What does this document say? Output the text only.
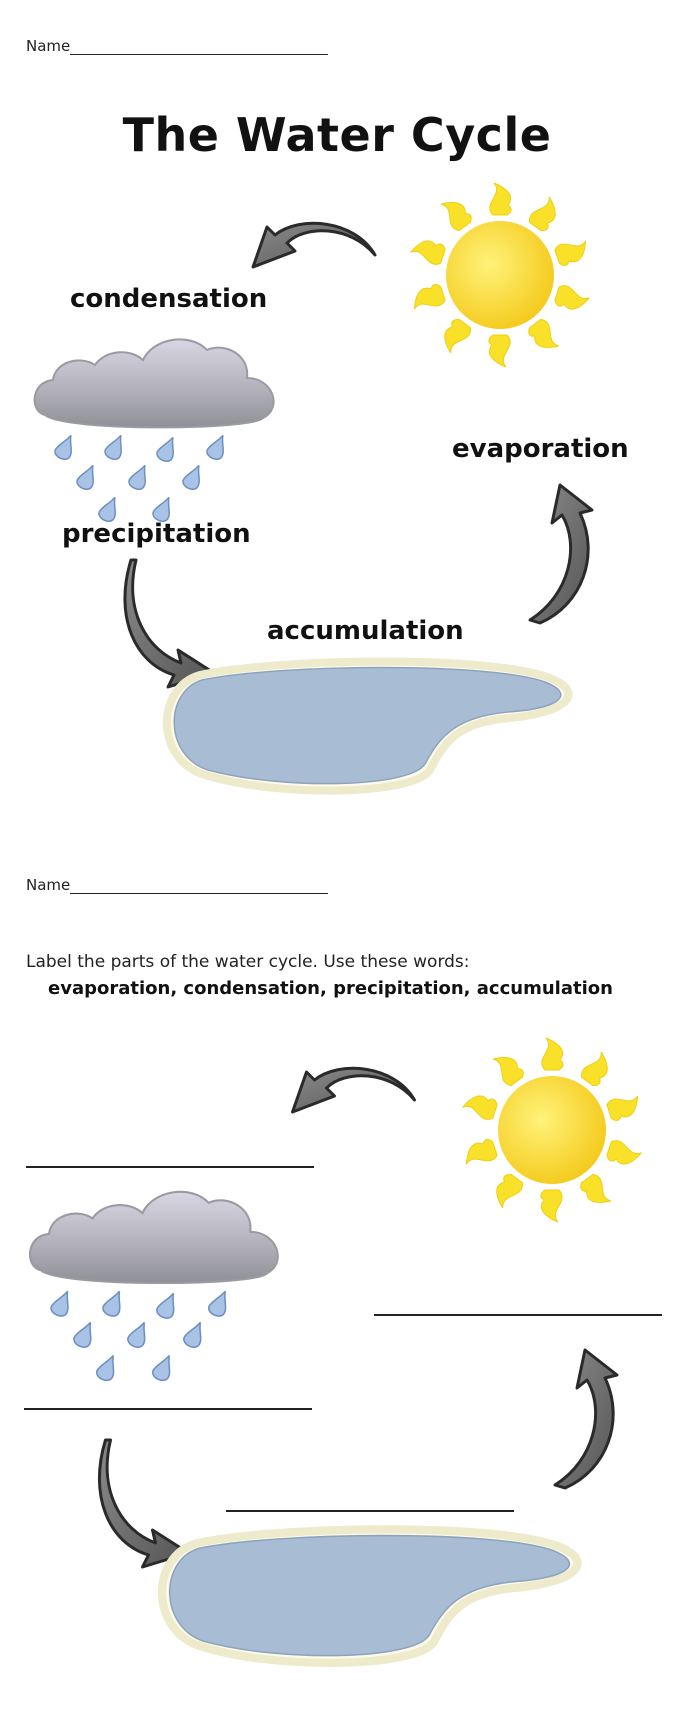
Name
The Water Cycle
condensation
precipitation
evaporation
accumulation
Name
Label the parts of the water cycle. Use these words:
evaporation, condensation, precipitation, accumulation
